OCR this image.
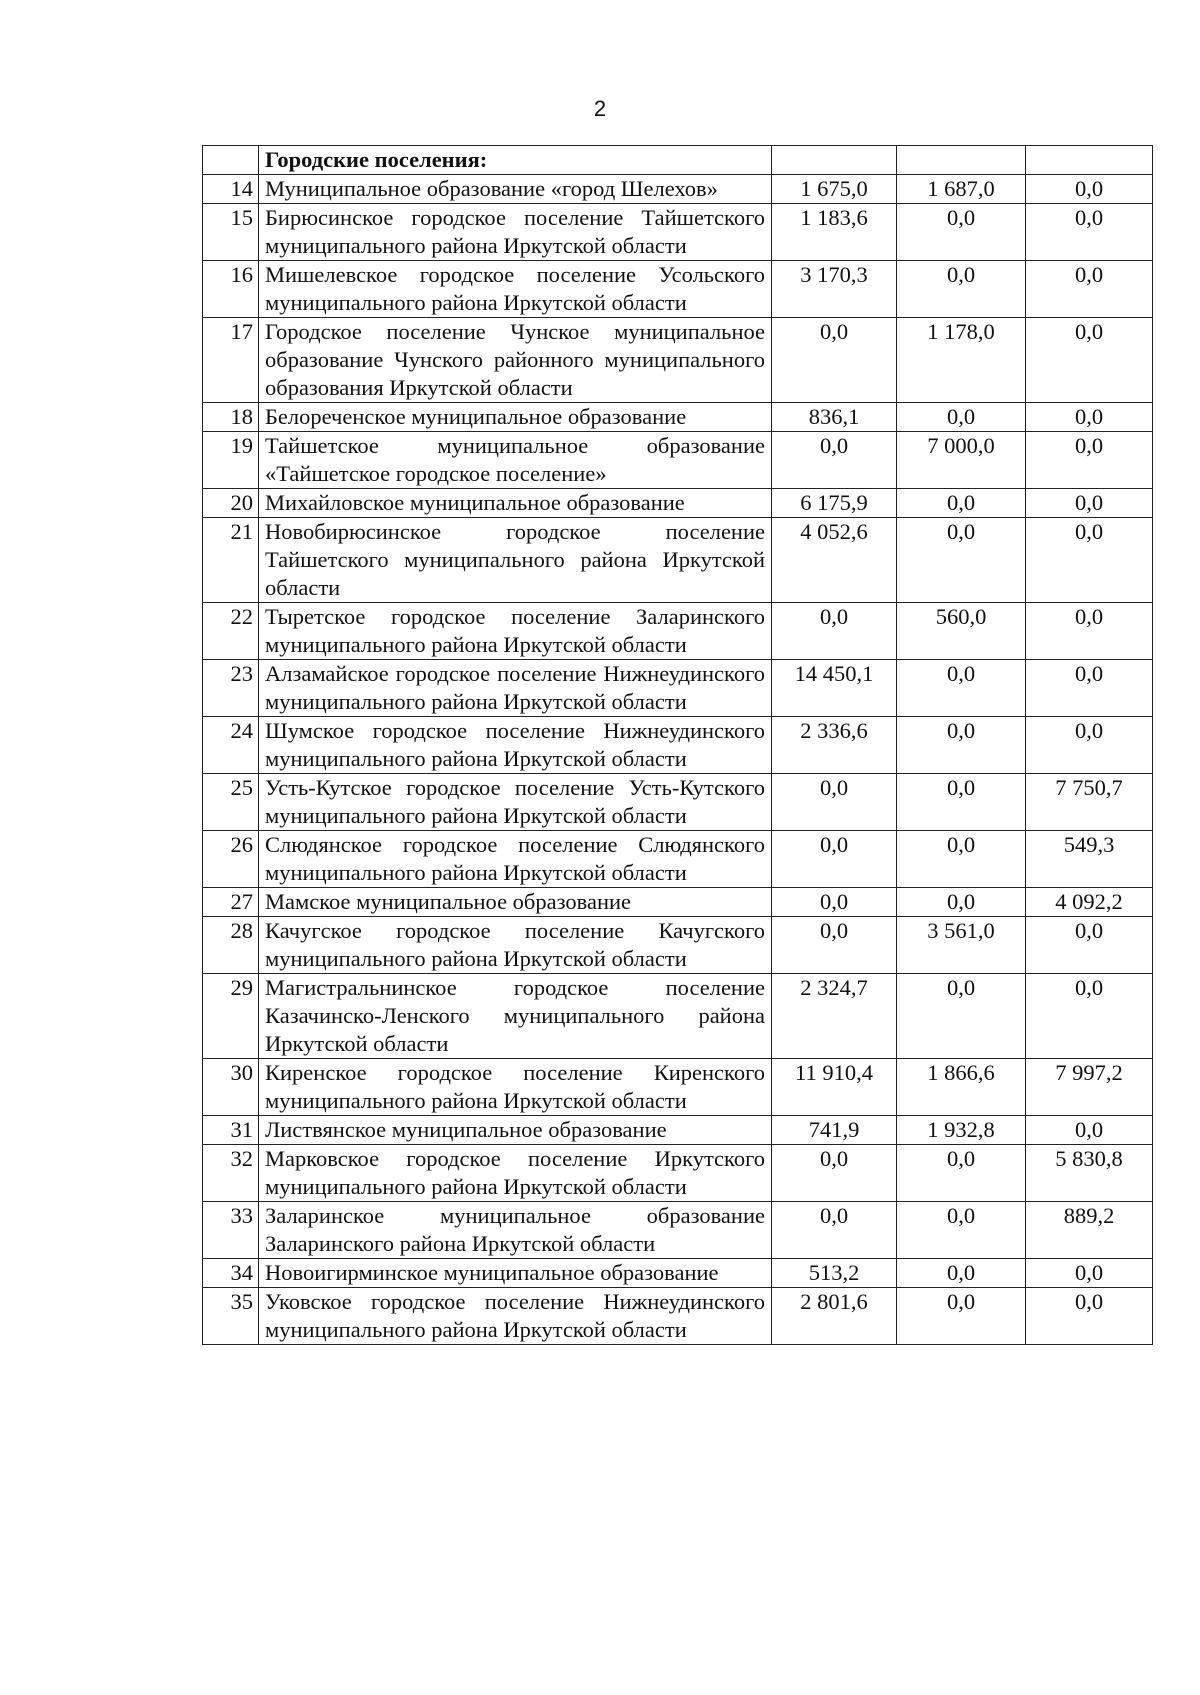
2
	Городские поселения:			
14	Муниципальное образование «город Шелехов»	1 675,0	1 687,0	0,0
15	Бирюсинское городское поселение Тайшетского муниципального района Иркутской области	1 183,6	0,0	0,0
16	Мишелевское городское поселение Усольского муниципального района Иркутской области	3 170,3	0,0	0,0
17	Городское поселение Чунское муниципальное образование Чунского районного муниципального образования Иркутской области	0,0	1 178,0	0,0
18	Белореченское муниципальное образование	836,1	0,0	0,0
19	Тайшетское муниципальное образование «Тайшетское городское поселение»	0,0	7 000,0	0,0
20	Михайловское муниципальное образование	6 175,9	0,0	0,0
21	Новобирюсинское городское поселение Тайшетского муниципального района Иркутской области	4 052,6	0,0	0,0
22	Тыретское городское поселение Заларинского муниципального района Иркутской области	0,0	560,0	0,0
23	Алзамайское городское поселение Нижнеудинского муниципального района Иркутской области	14 450,1	0,0	0,0
24	Шумское городское поселение Нижнеудинского муниципального района Иркутской области	2 336,6	0,0	0,0
25	Усть-Кутское городское поселение Усть-Кутского муниципального района Иркутской области	0,0	0,0	7 750,7
26	Слюдянское городское поселение Слюдянского муниципального района Иркутской области	0,0	0,0	549,3
27	Мамское муниципальное образование	0,0	0,0	4 092,2
28	Качугское городское поселение Качугского муниципального района Иркутской области	0,0	3 561,0	0,0
29	Магистральнинское городское поселение Казачинско-Ленского муниципального района Иркутской области	2 324,7	0,0	0,0
30	Киренское городское поселение Киренского муниципального района Иркутской области	11 910,4	1 866,6	7 997,2
31	Листвянское муниципальное образование	741,9	1 932,8	0,0
32	Марковское городское поселение Иркутского муниципального района Иркутской области	0,0	0,0	5 830,8
33	Заларинское муниципальное образование Заларинского района Иркутской области	0,0	0,0	889,2
34	Новоигирминское муниципальное образование	513,2	0,0	0,0
35	Уковское городское поселение Нижнеудинского муниципального района Иркутской области	2 801,6	0,0	0,0
